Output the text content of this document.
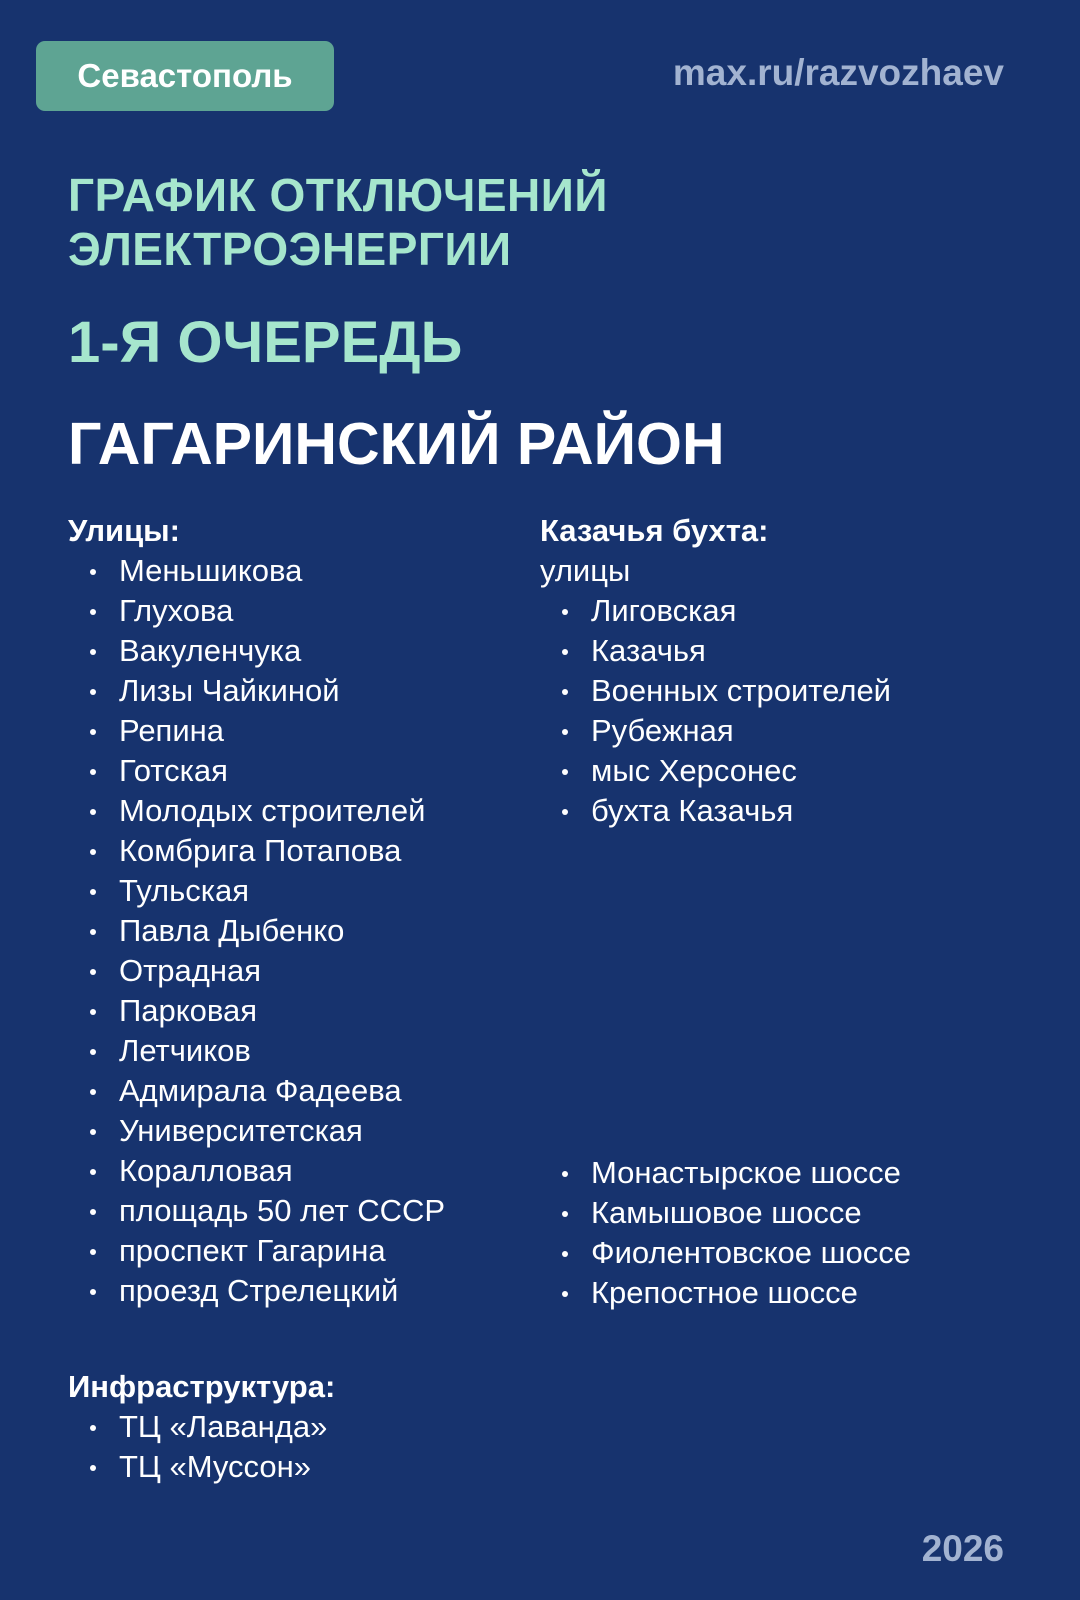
Севастополь	max.ru/razvozhaev
ГРАФИК ОТКЛЮЧЕНИЙ
ЭЛЕКТРОЭНЕРГИИ
1-Я ОЧЕРЕДЬ
ГАГАРИНСКИЙ РАЙОН
Улицы:
Меньшикова
Глухова
Вакуленчука
Лизы Чайкиной
Репина
Готская
Молодых строителей
Комбрига Потапова
Тульская
Павла Дыбенко
Отрадная
Парковая
Летчиков
Адмирала Фадеева
Университетская
Коралловая
площадь 50 лет СССР
проспект Гагарина
проезд Стрелецкий
Казачья бухта:
улицы
Лиговская
Казачья
Военных строителей
Рубежная
мыс Херсонес
бухта Казачья
Монастырское шоссе
Камышовое шоссе
Фиолентовское шоссе
Крепостное шоссе
Инфраструктура:
ТЦ «Лаванда»
ТЦ «Муссон»
2026
